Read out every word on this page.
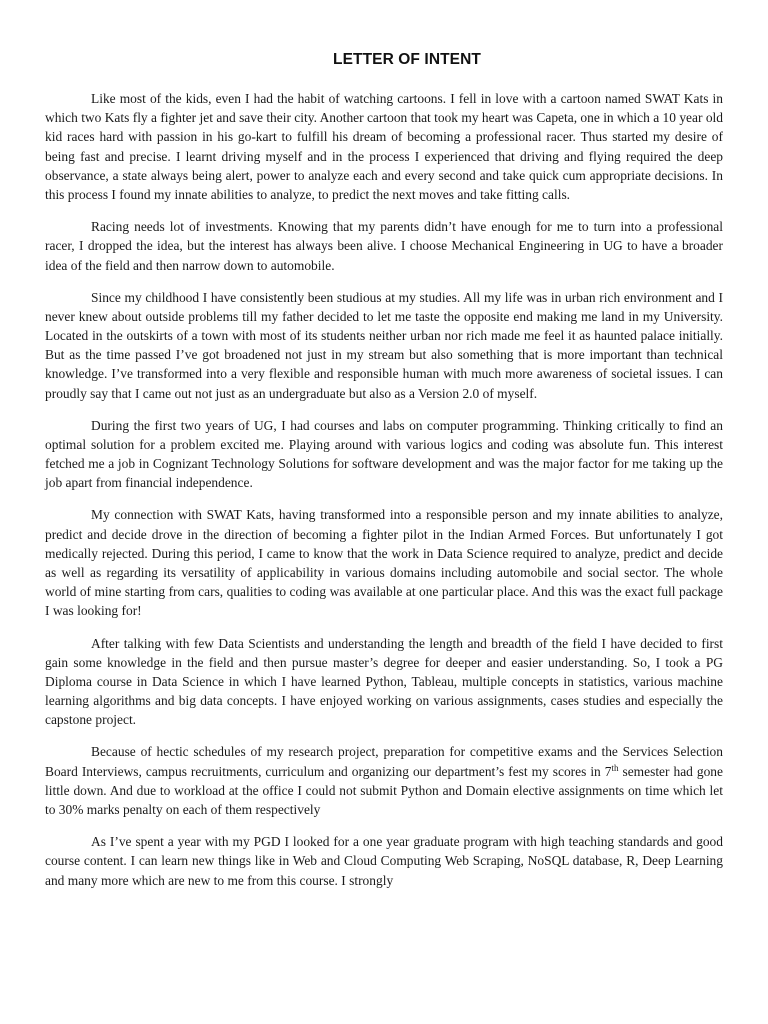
LETTER OF INTENT

Like most of the kids, even I had the habit of watching cartoons. I fell in love with a cartoon named SWAT Kats in which two Kats fly a fighter jet and save their city. Another cartoon that took my heart was Capeta, one in which a 10 year old kid races hard with passion in his go-kart to fulfill his dream of becoming a professional racer. Thus started my desire of being fast and precise. I learnt driving myself and in the process I experienced that driving and flying required the deep observance, a state always being alert, power to analyze each and every second and take quick cum appropriate decisions. In this process I found my innate abilities to analyze, to predict the next moves and take fitting calls.

Racing needs lot of investments. Knowing that my parents didn’t have enough for me to turn into a professional racer, I dropped the idea, but the interest has always been alive. I choose Mechanical Engineering in UG to have a broader idea of the field and then narrow down to automobile.

Since my childhood I have consistently been studious at my studies. All my life was in urban rich environment and I never knew about outside problems till my father decided to let me taste the opposite end making me land in my University. Located in the outskirts of a town with most of its students neither urban nor rich made me feel it as haunted palace initially. But as the time passed I’ve got broadened not just in my stream but also something that is more important than technical knowledge. I’ve transformed into a very flexible and responsible human with much more awareness of societal issues. I can proudly say that I came out not just as an undergraduate but also as a Version 2.0 of myself.

During the first two years of UG, I had courses and labs on computer programming. Thinking critically to find an optimal solution for a problem excited me. Playing around with various logics and coding was absolute fun. This interest fetched me a job in Cognizant Technology Solutions for software development and was the major factor for me taking up the job apart from financial independence.

My connection with SWAT Kats, having transformed into a responsible person and my innate abilities to analyze, predict and decide drove in the direction of becoming a fighter pilot in the Indian Armed Forces. But unfortunately I got medically rejected. During this period, I came to know that the work in Data Science required to analyze, predict and decide as well as regarding its versatility of applicability in various domains including automobile and social sector. The whole world of mine starting from cars, qualities to coding was available at one particular place. And this was the exact full package I was looking for!

After talking with few Data Scientists and understanding the length and breadth of the field I have decided to first gain some knowledge in the field and then pursue master’s degree for deeper and easier understanding. So, I took a PG Diploma course in Data Science in which I have learned Python, Tableau, multiple concepts in statistics, various machine learning algorithms and big data concepts. I have enjoyed working on various assignments, cases studies and especially the capstone project.

Because of hectic schedules of my research project, preparation for competitive exams and the Services Selection Board Interviews, campus recruitments, curriculum and organizing our department’s fest my scores in 7th semester had gone little down. And due to workload at the office I could not submit Python and Domain elective assignments on time which let to 30% marks penalty on each of them respectively

As I’ve spent a year with my PGD I looked for a one year graduate program with high teaching standards and good course content. I can learn new things like in Web and Cloud Computing Web Scraping, NoSQL database, R, Deep Learning and many more which are new to me from this course. I strongly
